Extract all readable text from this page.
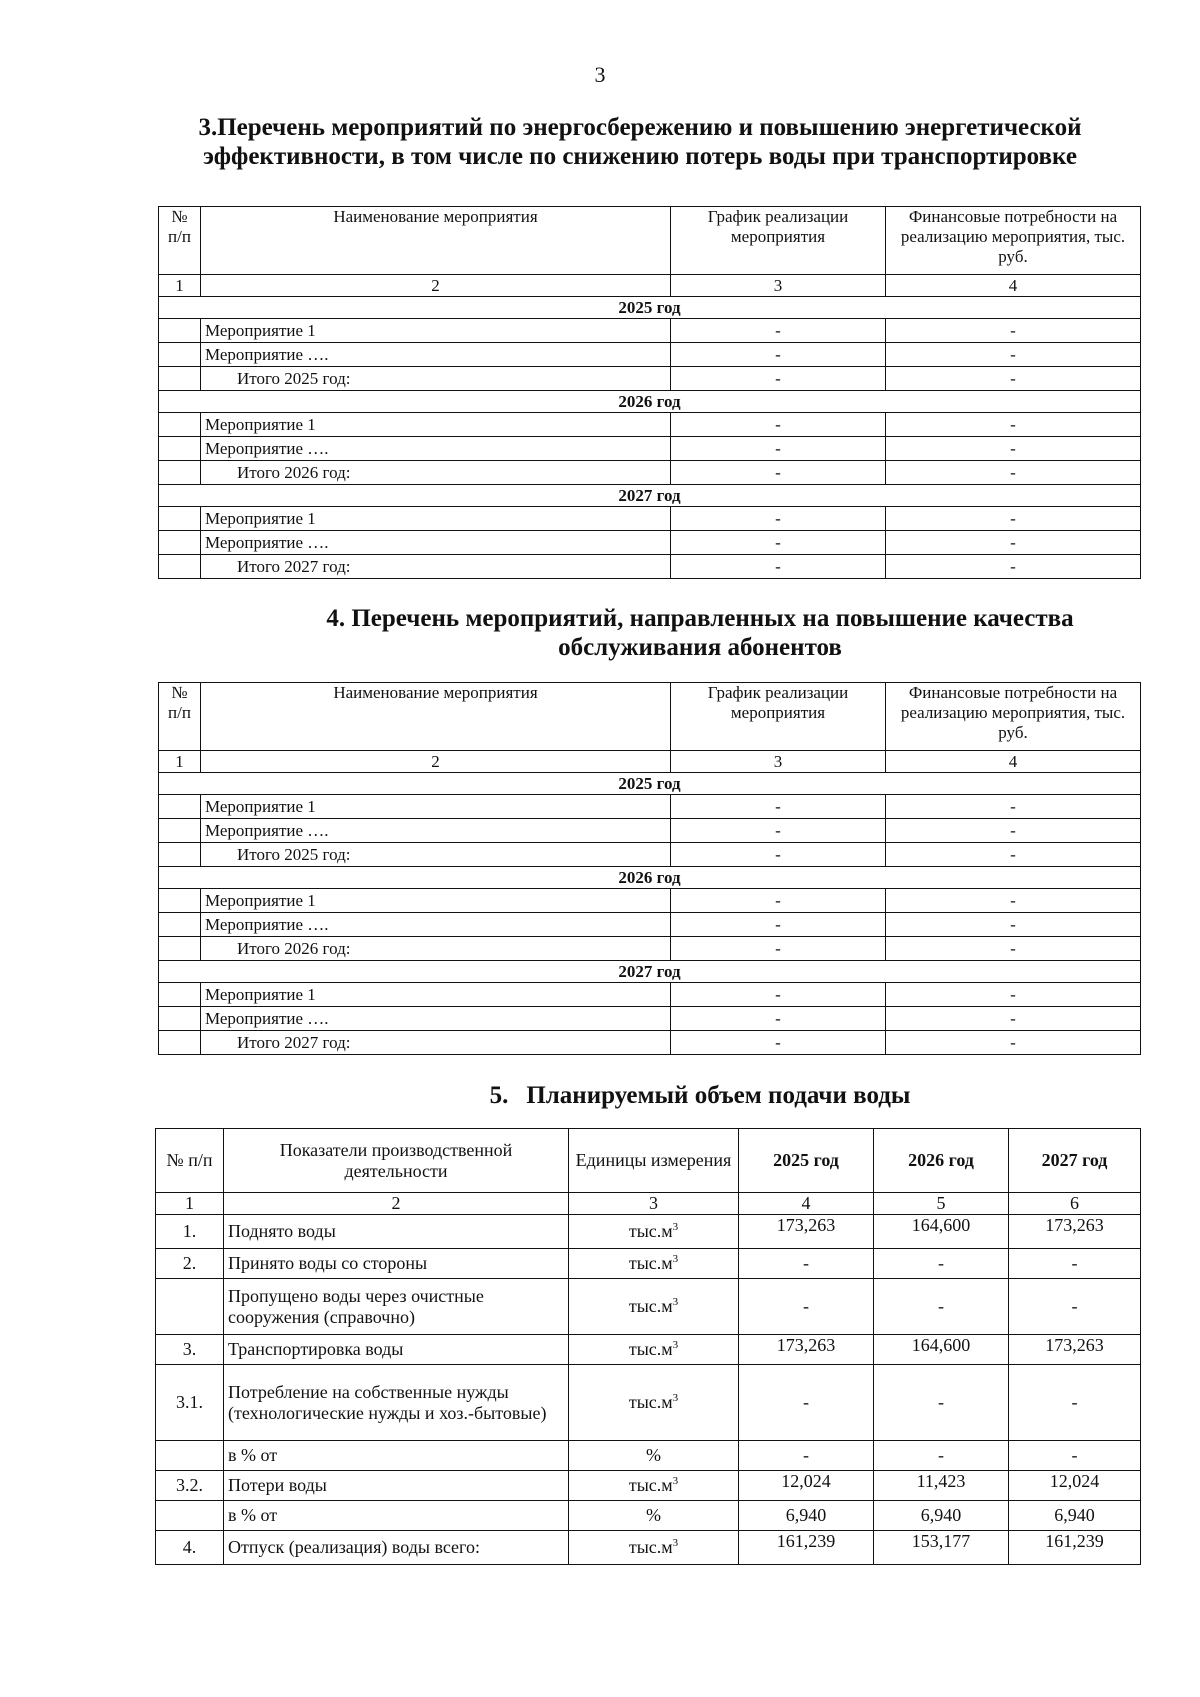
3
3.Перечень мероприятий по энергосбережению и повышению энергетической эффективности, в том числе по снижению потерь воды при транспортировке
№ п/п	Наименование мероприятия	График реализации мероприятия	Финансовые потребности на реализацию мероприятия, тыс. руб.
1	2	3	4
2025 год			
	Мероприятие 1	-	-
	Мероприятие ….	-	-
	Итого 2025 год:	-	-
2026 год			
	Мероприятие 1	-	-
	Мероприятие ….	-	-
	Итого 2026 год:	-	-
2027 год			
	Мероприятие 1	-	-
	Мероприятие ….	-	-
	Итого 2027 год:	-	-
4. Перечень мероприятий, направленных на повышение качества обслуживания абонентов
№ п/п	Наименование мероприятия	График реализации мероприятия	Финансовые потребности на реализацию мероприятия, тыс. руб.
1	2	3	4
2025 год			
	Мероприятие 1	-	-
	Мероприятие ….	-	-
	Итого 2025 год:	-	-
2026 год			
	Мероприятие 1	-	-
	Мероприятие ….	-	-
	Итого 2026 год:	-	-
2027 год			
	Мероприятие 1	-	-
	Мероприятие ….	-	-
	Итого 2027 год:	-	-
5. Планируемый объем подачи воды
№ п/п	Показатели производственной деятельности	Единицы измерения	2025 год	2026 год	2027 год
1	2	3	4	5	6
1.	Поднято воды	$тыс.м^3$	173,263	164,600	173,263
2.	Принято воды со стороны	$тыс.м^3$	-	-	-
	Пропущено воды через очистные сооружения (справочно)	$тыс.м^3$	-	-	-
3.	Транспортировка воды	$тыс.м^3$	173,263	164,600	173,263
3.1.	Потребление на собственные нужды (технологические нужды и хоз.-бытовые)	$тыс.м^3$	-	-	-
	в % от	%	-	-	-
3.2.	Потери воды	$тыс.м^3$	12,024	11,423	12,024
	в % от	%	6,940	6,940	6,940
4.	Отпуск (реализация) воды всего:	$тыс.м^3$	161,239	153,177	161,239
